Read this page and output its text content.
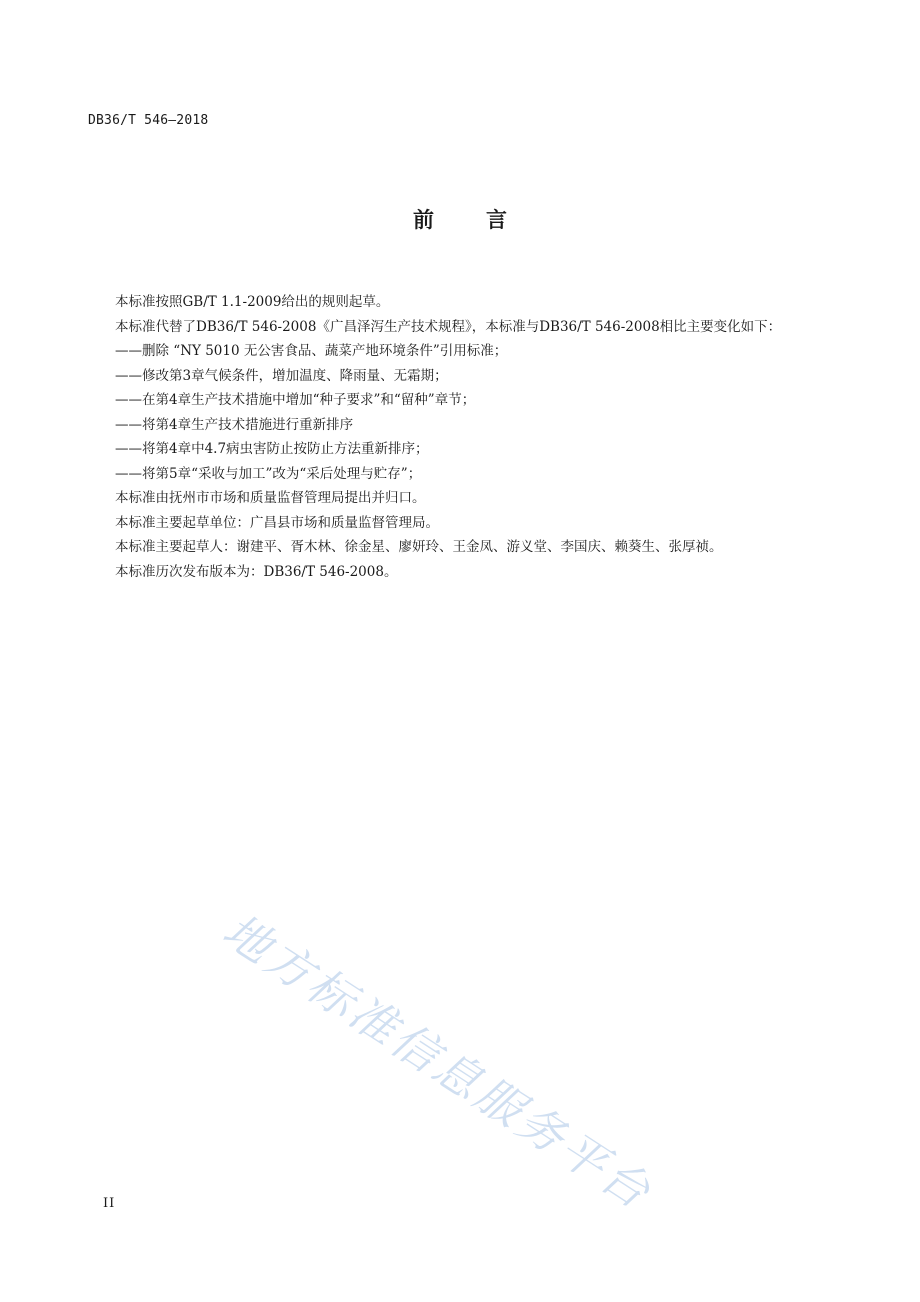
DB36/T 546—2018
前 言

本标准按照GB/T 1.1-2009给出的规则起草。

本标准代替了DB36/T 546-2008《广昌泽泻生产技术规程》，本标准与DB36/T 546-2008相比主要变化如下：

——删除 “NY 5010 无公害食品、蔬菜产地环境条件”引用标准；

——修改第3章气候条件，增加温度、降雨量、无霜期；

——在第4章生产技术措施中增加“种子要求”和“留种”章节；

——将第4章生产技术措施进行重新排序

——将第4章中4.7病虫害防止按防止方法重新排序；

——将第5章“采收与加工”改为“采后处理与贮存”；

本标准由抚州市市场和质量监督管理局提出并归口。

本标准主要起草单位：广昌县市场和质量监督管理局。

本标准主要起草人：谢建平、胥木林、徐金星、廖妍玲、王金凤、游义堂、李国庆、赖葵生、张厚祯。

本标准历次发布版本为：DB36/T 546-2008。

地方标准信息服务平台
II
